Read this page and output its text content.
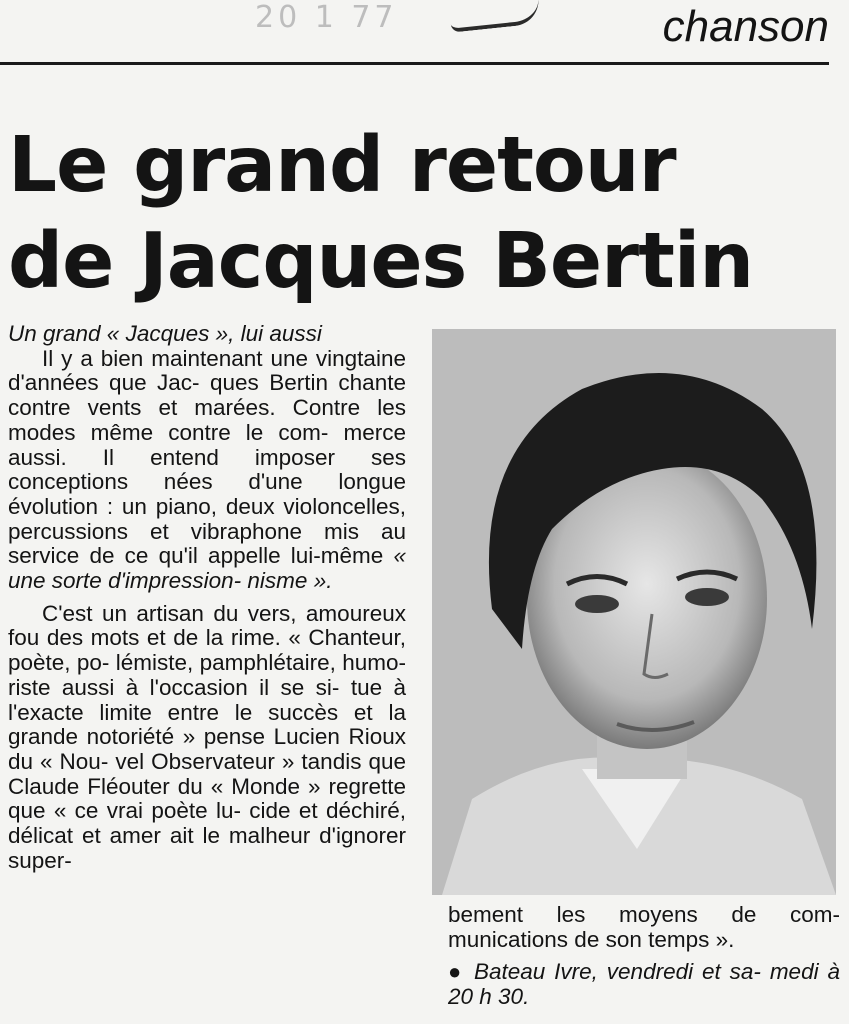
20 1 77	chanson
Le grand retour
de Jacques Bertin

Un grand « Jacques », lui aussi

Il y a bien maintenant une vingtaine d'années que Jac- ques Bertin chante contre vents et marées. Contre les modes même contre le com- merce aussi. Il entend imposer ses conceptions nées d'une longue évolution : un piano, deux violoncelles, percussions et vibraphone mis au service de ce qu'il appelle lui-même « une sorte d'impression- nisme ».

C'est un artisan du vers, amoureux fou des mots et de la rime. « Chanteur, poète, po- lémiste, pamphlétaire, humo- riste aussi à l'occasion il se si- tue à l'exacte limite entre le succès et la grande notoriété » pense Lucien Rioux du « Nou- vel Observateur » tandis que Claude Fléouter du « Monde » regrette que « ce vrai poète lu- cide et déchiré, délicat et amer ait le malheur d'ignorer super-

bement les moyens de com- munications de son temps ».

● Bateau Ivre, vendredi et sa- medi à 20 h 30.
